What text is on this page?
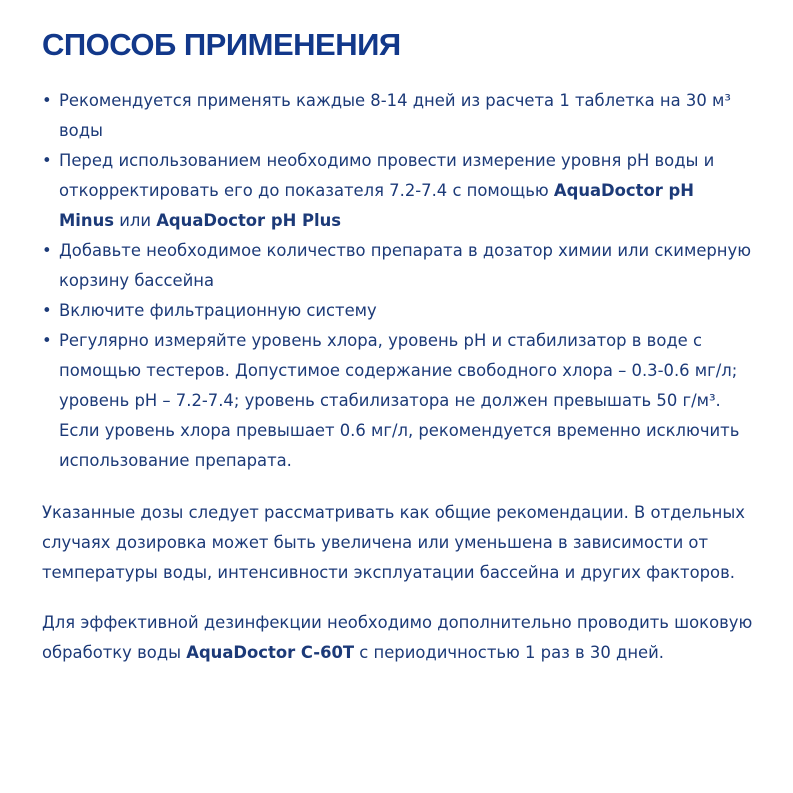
СПОСОБ ПРИМЕНЕНИЯ
• Рекомендуется применять каждые 8-14 дней из расчета 1 таблетка на 30 м³ воды
• Перед использованием необходимо провести измерение уровня рН воды и откорректировать его до показателя 7.2-7.4 с помощью AquaDoctor pH Minus или AquaDoctor pH Plus
• Добавьте необходимое количество препарата в дозатор химии или скимерную корзину бассейна
• Включите фильтрационную систему
• Регулярно измеряйте уровень хлора, уровень рН и стабилизатор в воде с помощью тестеров. Допустимое содержание свободного хлора – 0.3-0.6 мг/л; уровень рН – 7.2-7.4; уровень стабилизатора не должен превышать 50 г/м³. Если уровень хлора превышает 0.6 мг/л, рекомендуется временно исключить использование препарата.

Указанные дозы следует рассматривать как общие рекомендации. В отдельных случаях дозировка может быть увеличена или уменьшена в зависимости от температуры воды, интенсивности эксплуатации бассейна и других факторов.

Для эффективной дезинфекции необходимо дополнительно проводить шоковую обработку воды AquaDoctor C-60T с периодичностью 1 раз в 30 дней.
